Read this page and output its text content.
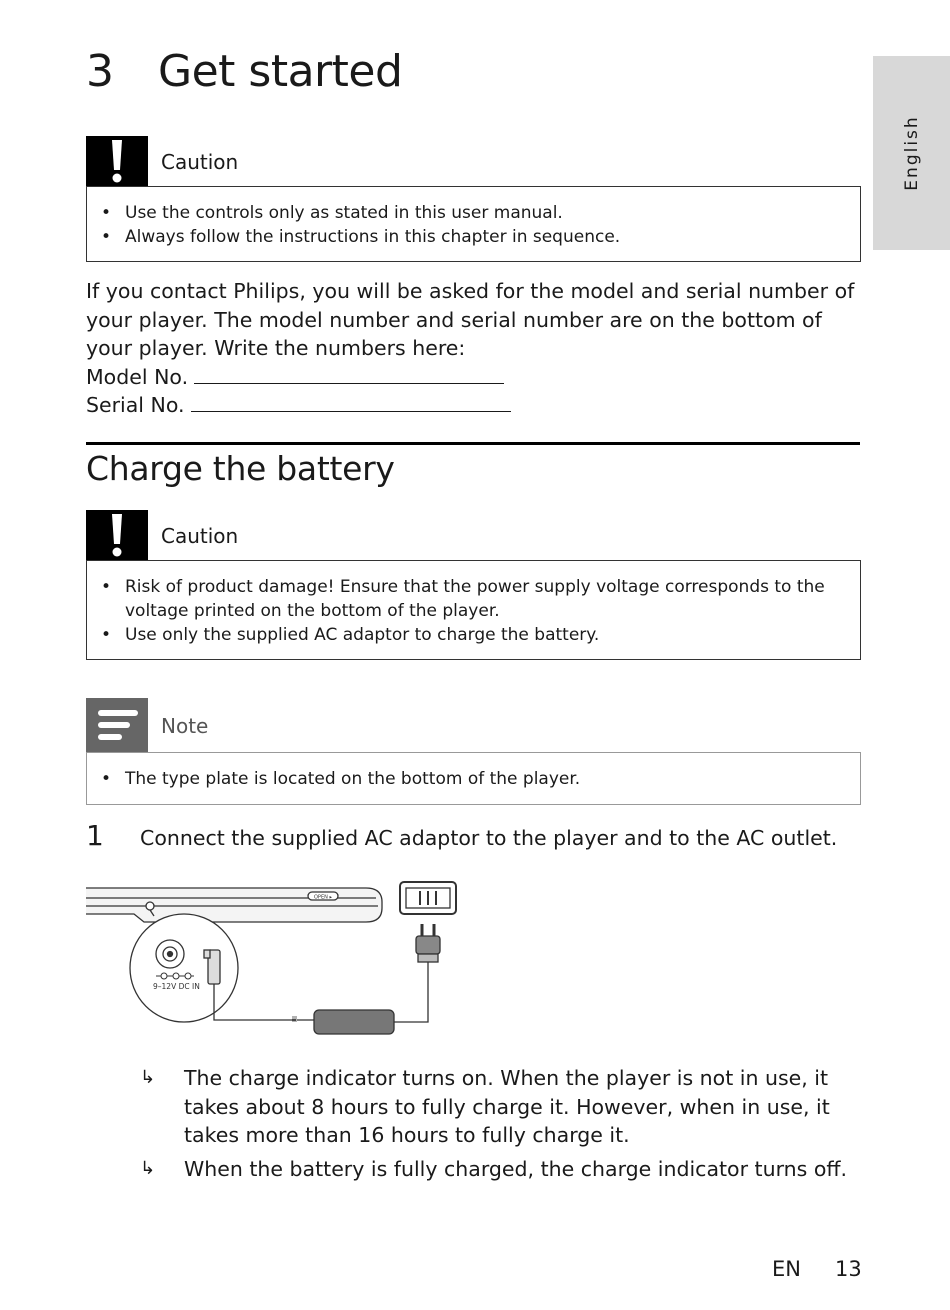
3 Get started
English
Caution
• Use the controls only as stated in this user manual.
• Always follow the instructions in this chapter in sequence.

If you contact Philips, you will be asked for the model and serial number of your player. The model number and serial number are on the bottom of your player. Write the numbers here:

Model No.

Serial No.

Charge the battery
Caution
• Risk of product damage! Ensure that the power supply voltage corresponds to the voltage printed on the bottom of the player.
• Use only the supplied AC adaptor to charge the battery.
Note
• The type plate is located on the bottom of the player.
1 Connect the supplied AC adaptor to the player and to the AC outlet.
OPEN ▸
9–12V DC IN
↳ The charge indicator turns on. When the player is not in use, it takes about 8 hours to fully charge it. However, when in use, it takes more than 16 hours to fully charge it.
↳ When the battery is fully charged, the charge indicator turns off.
EN 13
